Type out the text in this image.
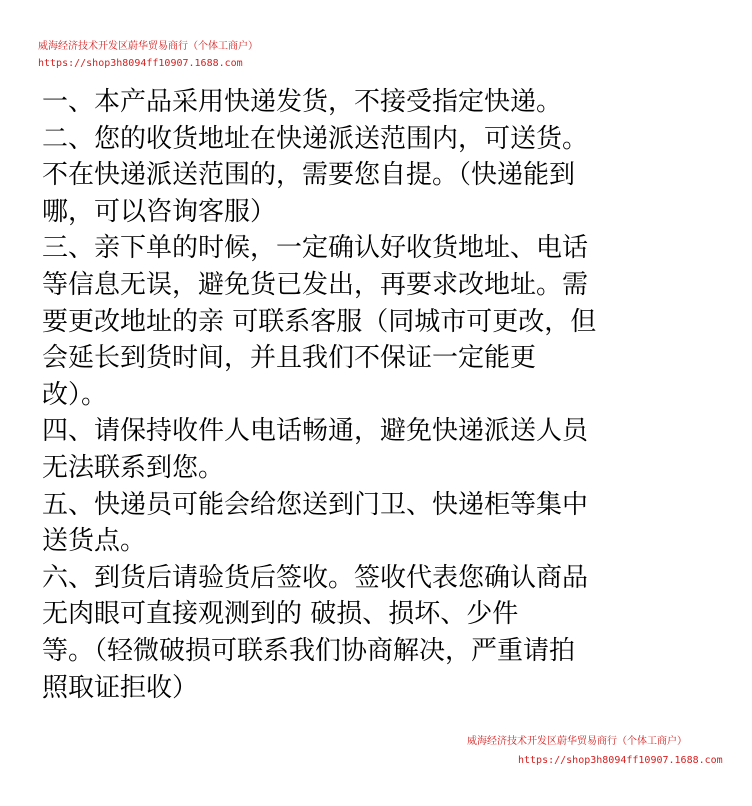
威海经济技术开发区蔚华贸易商行（个体工商户）
https://shop3h8094ff10907.1688.com
一、本产品采用快递发货，不接受指定快递。
二、您的收货地址在快递派送范围内，可送货。
不在快递派送范围的，需要您自提。（快递能到
哪，可以咨询客服）
三、亲下单的时候，一定确认好收货地址、电话
等信息无误，避免货已发出，再要求改地址。需
要更改地址的亲 可联系客服（同城市可更改，但
会延长到货时间，并且我们不保证一定能更
改）。
四、请保持收件人电话畅通，避免快递派送人员
无法联系到您。
五、快递员可能会给您送到门卫、快递柜等集中
送货点。
六、到货后请验货后签收。签收代表您确认商品
无肉眼可直接观测到的 破损、损坏、少件
等。（轻微破损可联系我们协商解决，严重请拍
照取证拒收）
威海经济技术开发区蔚华贸易商行（个体工商户）
https://shop3h8094ff10907.1688.com
